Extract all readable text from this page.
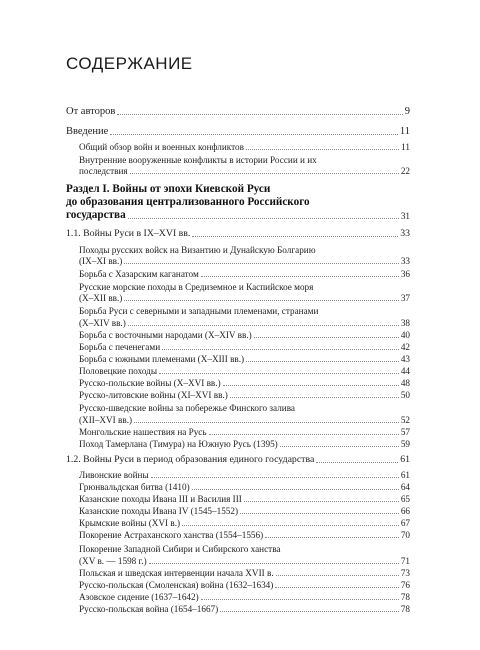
СОДЕРЖАНИЕ
От авторов	9
Введение	11
Общий обзор войн и военных конфликтов	11
Внутренние вооруженные конфликты в истории России и их
последствия	22
Раздел I. Войны от эпохи Киевской Руси
до образования централизованного Российского
государства	31
1.1. Войны Руси в IX–XVI вв.	33
Походы русских войск на Византию и Дунайскую Болгарию
(IX–XI вв.)	33
Борьба с Хазарским каганатом	36
Русские морские походы в Средиземное и Каспийское моря
(X–XII вв.)	37
Борьба Руси с северными и западными племенами, странами
(X–XIV вв.)	38
Борьба с восточными народами (X–XIV вв.)	40
Борьба с печенегами	42
Борьба с южными племенами (X–XIII вв.)	43
Половецкие походы	44
Русско-польские войны (X–XVI вв.)	48
Русско-литовские войны (XI–XVI вв.)	50
Русско-шведские войны за побережье Финского залива
(XII–XVI вв.)	52
Монгольские нашествия на Русь	57
Поход Тамерлана (Тимура) на Южную Русь (1395)	59
1.2. Войны Руси в период образования единого государства	61
Ливонские войны	61
Грюнвальдская битва (1410)	64
Казанские походы Ивана III и Василия III	65
Казанские походы Ивана IV (1545–1552)	66
Крымские войны (XVI в.)	67
Покорение Астраханского ханства (1554–1556)	70
Покорение Западной Сибири и Сибирского ханства
(XV в. — 1598 г.)	71
Польская и шведская интервенции начала XVII в.	73
Русско-польская (Смоленская) война (1632–1634)	76
Азовское сидение (1637–1642)	78
Русско-польская война (1654–1667)	78
